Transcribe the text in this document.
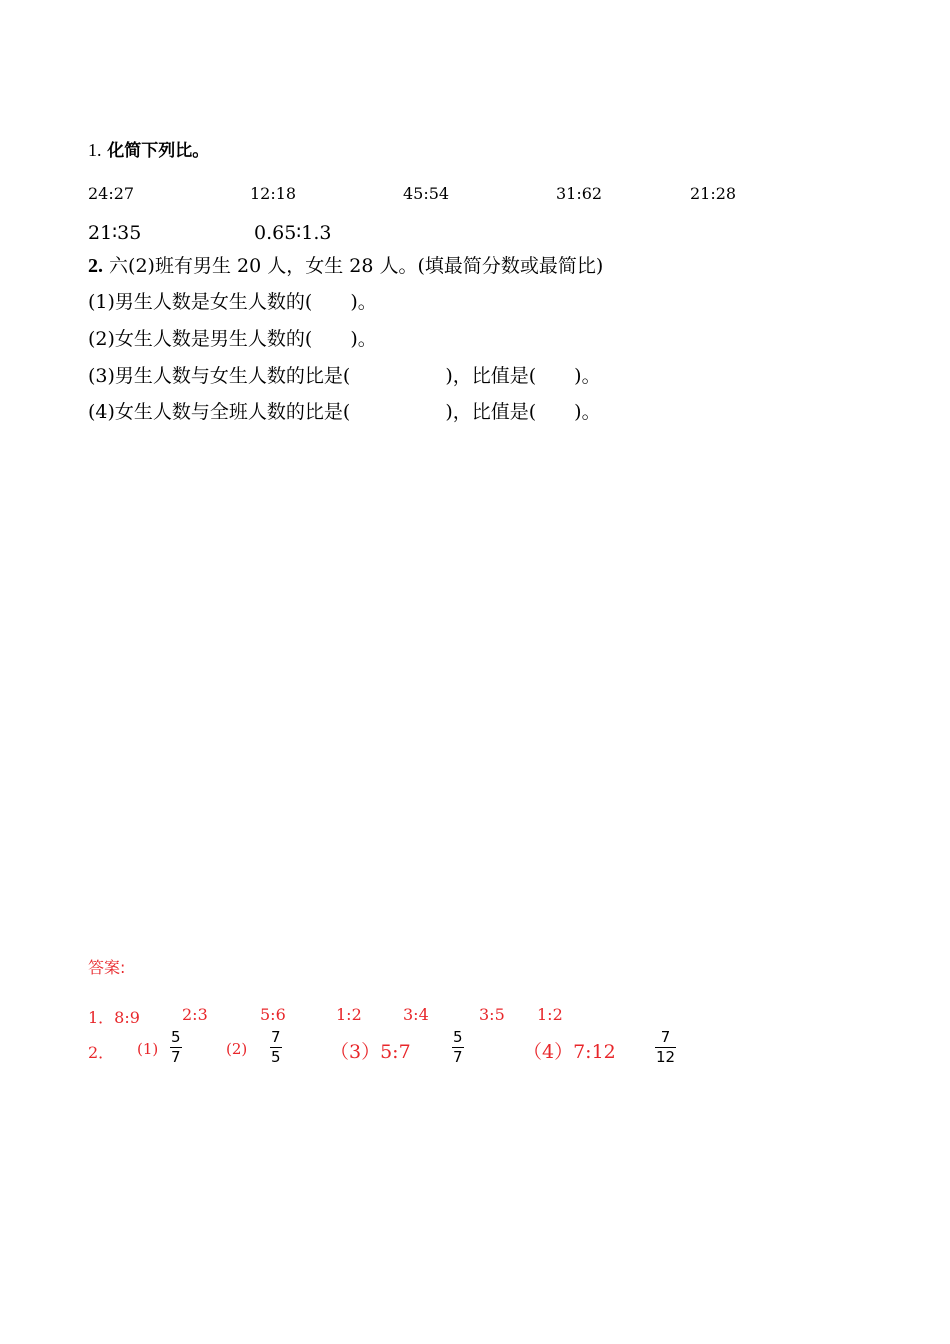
1. 化简下列比。
24:27	12:18	45:54	31:62	21:28
21∶35	0.65∶1.3
2. 六(2)班有男生 20 人，女生 28 人。(填最简分数或最简比)
(1)男生人数是女生人数的(　　)。
(2)女生人数是男生人数的(　　)。
(3)男生人数与女生人数的比是(　　　　　)，比值是(　　)。
(4)女生人数与全班人数的比是(　　　　　)，比值是(　　)。
答案:
1．8:9	2:3	5:6	1:2	3:4	3:5 1:2
2． (1)
5
7	(2)
7
5	（3）5:7
5
7	（4）7:12
7
12
